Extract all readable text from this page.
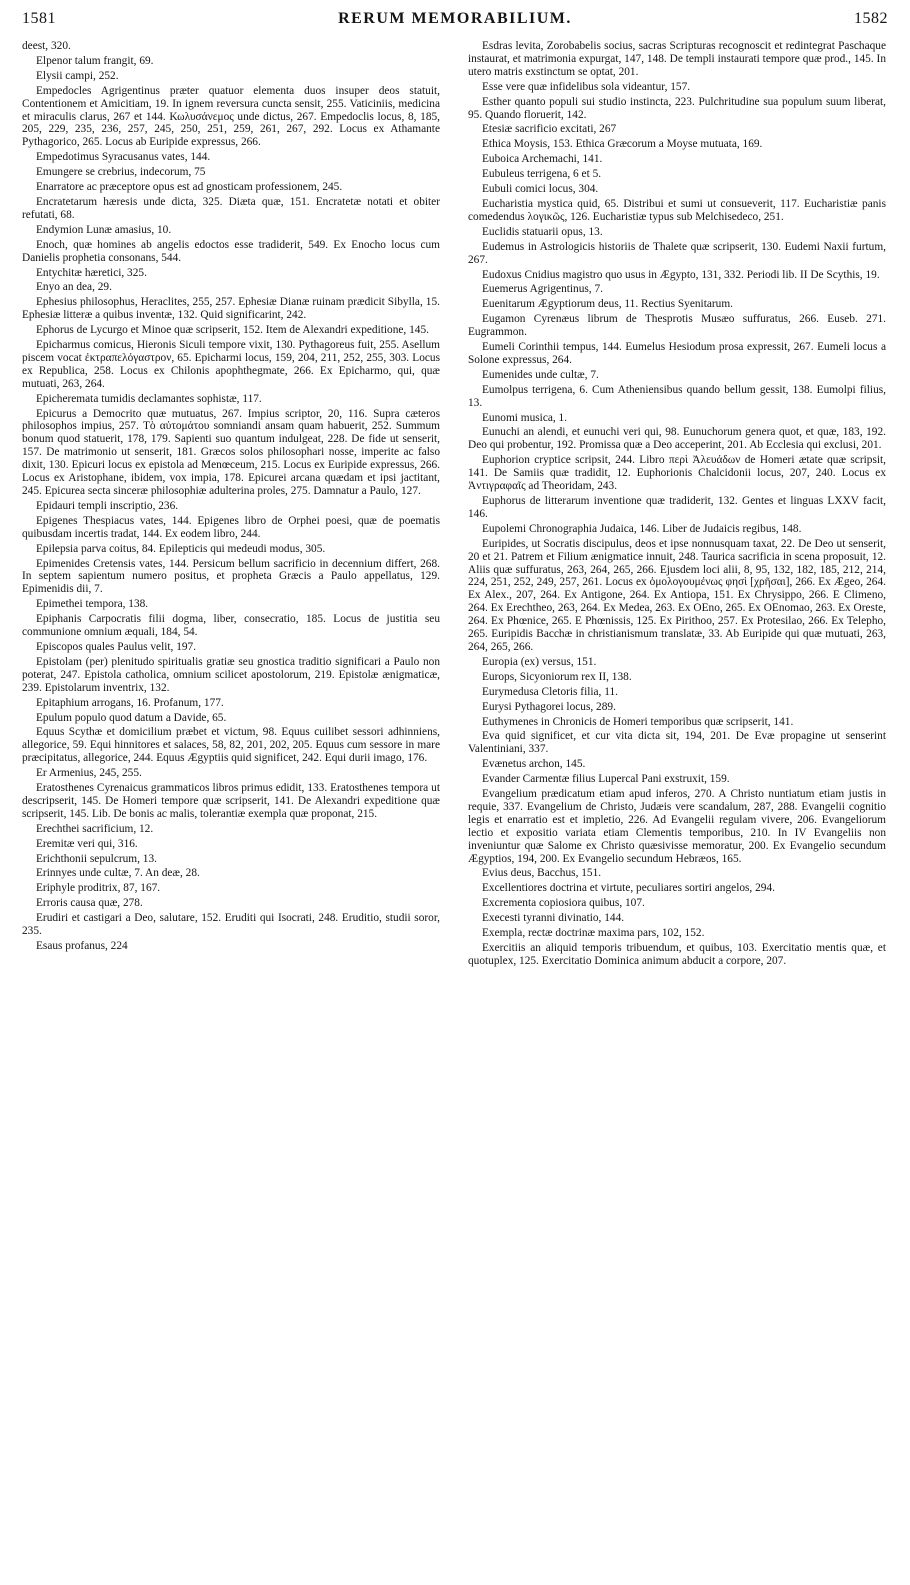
1581	RERUM MEMORABILIUM.	1582

deest, 320.

Elpenor talum frangit, 69.

Elysii campi, 252.

Empedocles Agrigentinus præter quatuor elementa duos insuper deos statuit, Contentionem et Amicitiam, 19. In ignem reversura cuncta sensit, 255. Vaticiniis, medicina et miraculis clarus, 267 et 144. Κωλυσάνεμος unde dictus, 267. Empedoclis locus, 8, 185, 205, 229, 235, 236, 257, 245, 250, 251, 259, 261, 267, 292. Locus ex Athamante Pythagorico, 265. Locus ab Euripide expressus, 266.

Empedotimus Syracusanus vates, 144.

Emungere se crebrius, indecorum, 75

Enarratore ac præceptore opus est ad gnosticam professionem, 245.

Encratetarum hæresis unde dicta, 325. Diæta quæ, 151. Encratetæ notati et obiter refutati, 68.

Endymion Lunæ amasius, 10.

Enoch, quæ homines ab angelis edoctos esse tradiderit, 549. Ex Enocho locus cum Danielis prophetia consonans, 544.

Entychitæ hæretici, 325.

Enyo an dea, 29.

Ephesius philosophus, Heraclites, 255, 257. Ephesiæ Dianæ ruinam prædicit Sibylla, 15. Ephesiæ litteræ a quibus inventæ, 132. Quid significarint, 242.

Ephorus de Lycurgo et Minoe quæ scripserit, 152. Item de Alexandri expeditione, 145.

Epicharmus comicus, Hieronis Siculi tempore vixit, 130. Pythagoreus fuit, 255. Asellum piscem vocat ἐκτραπελόγαστρον, 65. Epicharmi locus, 159, 204, 211, 252, 255, 303. Locus ex Republica, 258. Locus ex Chilonis apophthegmate, 266. Ex Epicharmo, qui, quæ mutuati, 263, 264.

Epicheremata tumidis declamantes sophistæ, 117.

Epicurus a Democrito quæ mutuatus, 267. Impius scriptor, 20, 116. Supra cæteros philosophos impius, 257. Τὸ αὐτομάτου somniandi ansam quam habuerit, 252. Summum bonum quod statuerit, 178, 179. Sapienti suo quantum indulgeat, 228. De fide ut senserit, 157. De matrimonio ut senserit, 181. Græcos solos philosophari nosse, imperite ac falso dixit, 130. Epicuri locus ex epistola ad Menœceum, 215. Locus ex Euripide expressus, 266. Locus ex Aristophane, ibidem, vox impia, 178. Epicurei arcana quædam et ipsi jactitant, 245. Epicurea secta sinceræ philosophiæ adulterina proles, 275. Damnatur a Paulo, 127.

Epidauri templi inscriptio, 236.

Epigenes Thespiacus vates, 144. Epigenes libro de Orphei poesi, quæ de poematis quibusdam incertis tradat, 144. Ex eodem libro, 244.

Epilepsia parva coitus, 84. Epilepticis qui medeudi modus, 305.

Epimenides Cretensis vates, 144. Persicum bellum sacrificio in decennium differt, 268. In septem sapientum numero positus, et propheta Græcis a Paulo appellatus, 129. Epimenidis dii, 7.

Epimethei tempora, 138.

Epiphanis Carpocratis filii dogma, liber, consecratio, 185. Locus de justitia seu communione omnium æquali, 184, 54.

Episcopos quales Paulus velit, 197.

Epistolam (per) plenitudo spiritualis gratiæ seu gnostica traditio significari a Paulo non poterat, 247. Epistola catholica, omnium scilicet apostolorum, 219. Epistolæ ænigmaticæ, 239. Epistolarum inventrix, 132.

Epitaphium arrogans, 16. Profanum, 177.

Epulum populo quod datum a Davide, 65.

Equus Scythæ et domicilium præbet et victum, 98. Equus cuilibet sessori adhinniens, allegorice, 59. Equi hinnitores et salaces, 58, 82, 201, 202, 205. Equus cum sessore in mare præcipitatus, allegorice, 244. Equus Ægyptiis quid significet, 242. Equi durii imago, 176.

Er Armenius, 245, 255.

Eratosthenes Cyrenaicus grammaticos libros primus edidit, 133. Eratosthenes tempora ut descripserit, 145. De Homeri tempore quæ scripserit, 141. De Alexandri expeditione quæ scripserit, 145. Lib. De bonis ac malis, tolerantiæ exempla quæ proponat, 215.

Erechthei sacrificium, 12.

Eremitæ veri qui, 316.

Erichthonii sepulcrum, 13.

Erinnyes unde cultæ, 7. An deæ, 28.

Eriphyle proditrix, 87, 167.

Erroris causa quæ, 278.

Erudiri et castigari a Deo, salutare, 152. Eruditi qui Isocrati, 248. Eruditio, studii soror, 235.

Esaus profanus, 224

Esdras levita, Zorobabelis socius, sacras Scripturas recognoscit et redintegrat Paschaque instaurat, et matrimonia expurgat, 147, 148. De templi instaurati tempore quæ prod., 145. In utero matris exstinctum se optat, 201.

Esse vere quæ infidelibus sola videantur, 157.

Esther quanto populi sui studio instincta, 223. Pulchritudine sua populum suum liberat, 95. Quando floruerit, 142.

Etesiæ sacrificio excitati, 267

Ethica Moysis, 153. Ethica Græcorum a Moyse mutuata, 169.

Euboica Archemachi, 141.

Eubuleus terrigena, 6 et 5.

Eubuli comici locus, 304.

Eucharistia mystica quid, 65. Distribui et sumi ut consueverit, 117. Eucharistiæ panis comedendus λογικῶς, 126. Eucharistiæ typus sub Melchisedeco, 251.

Euclidis statuarii opus, 13.

Eudemus in Astrologicis historiis de Thalete quæ scripserit, 130. Eudemi Naxii furtum, 267.

Eudoxus Cnidius magistro quo usus in Ægypto, 131, 332. Periodi lib. II De Scythis, 19.

Euemerus Agrigentinus, 7.

Euenitarum Ægyptiorum deus, 11. Rectius Syenitarum.

Eugamon Cyrenæus librum de Thesprotis Musæo suffuratus, 266. Euseb. 271. Eugrammon.

Eumeli Corinthii tempus, 144. Eumelus Hesiodum prosa expressit, 267. Eumeli locus a Solone expressus, 264.

Eumenides unde cultæ, 7.

Eumolpus terrigena, 6. Cum Atheniensibus quando bellum gessit, 138. Eumolpi filius, 13.

Eunomi musica, 1.

Eunuchi an alendi, et eunuchi veri qui, 98. Eunuchorum genera quot, et quæ, 183, 192. Deo qui probentur, 192. Promissa quæ a Deo acceperint, 201. Ab Ecclesia qui exclusi, 201.

Euphorion cryptice scripsit, 244. Libro περὶ Ἀλευάδων de Homeri ætate quæ scripsit, 141. De Samiis quæ tradidit, 12. Euphorionis Chalcidonii locus, 207, 240. Locus ex Ἀντιγραφαῖς ad Theoridam, 243.

Euphorus de litterarum inventione quæ tradiderit, 132. Gentes et linguas LXXV facit, 146.

Eupolemi Chronographia Judaica, 146. Liber de Judaicis regibus, 148.

Euripides, ut Socratis discipulus, deos et ipse nonnusquam taxat, 22. De Deo ut senserit, 20 et 21. Patrem et Filium ænigmatice innuit, 248. Taurica sacrificia in scena proposuit, 12. Aliis quæ suffuratus, 263, 264, 265, 266. Ejusdem loci alii, 8, 95, 132, 182, 185, 212, 214, 224, 251, 252, 249, 257, 261. Locus ex ὁμολογουμένως φησὶ [χρῆσαι], 266. Ex Ægeo, 264. Ex Alex., 207, 264. Ex Antigone, 264. Ex Antiopa, 151. Ex Chrysippo, 266. E Climeno, 264. Ex Erechtheo, 263, 264. Ex Medea, 263. Ex OEno, 265. Ex OEnomao, 263. Ex Oreste, 264. Ex Phœnice, 265. E Phœnissis, 125. Ex Pirithoo, 257. Ex Protesilao, 266. Ex Telepho, 265. Euripidis Bacchæ in christianismum translatæ, 33. Ab Euripide qui quæ mutuati, 263, 264, 265, 266.

Europia (ex) versus, 151.

Europs, Sicyoniorum rex II, 138.

Eurymedusa Cletoris filia, 11.

Eurysi Pythagorei locus, 289.

Euthymenes in Chronicis de Homeri temporibus quæ scripserit, 141.

Eva quid significet, et cur vita dicta sit, 194, 201. De Evæ propagine ut senserint Valentiniani, 337.

Evænetus archon, 145.

Evander Carmentæ filius Lupercal Pani exstruxit, 159.

Evangelium prædicatum etiam apud inferos, 270. A Christo nuntiatum etiam justis in requie, 337. Evangelium de Christo, Judæis vere scandalum, 287, 288. Evangelii cognitio legis et enarratio est et impletio, 226. Ad Evangelii regulam vivere, 206. Evangeliorum lectio et expositio variata etiam Clementis temporibus, 210. In IV Evangeliis non inveniuntur quæ Salome ex Christo quæsivisse memoratur, 200. Ex Evangelio secundum Ægyptios, 194, 200. Ex Evangelio secundum Hebræos, 165.

Evius deus, Bacchus, 151.

Excellentiores doctrina et virtute, peculiares sortiri angelos, 294.

Excrementa copiosiora quibus, 107.

Execesti tyranni divinatio, 144.

Exempla, rectæ doctrinæ maxima pars, 102, 152.

Exercitiis an aliquid temporis tribuendum, et quibus, 103. Exercitatio mentis quæ, et quotuplex, 125. Exercitatio Dominica animum abducit a corpore, 207.
